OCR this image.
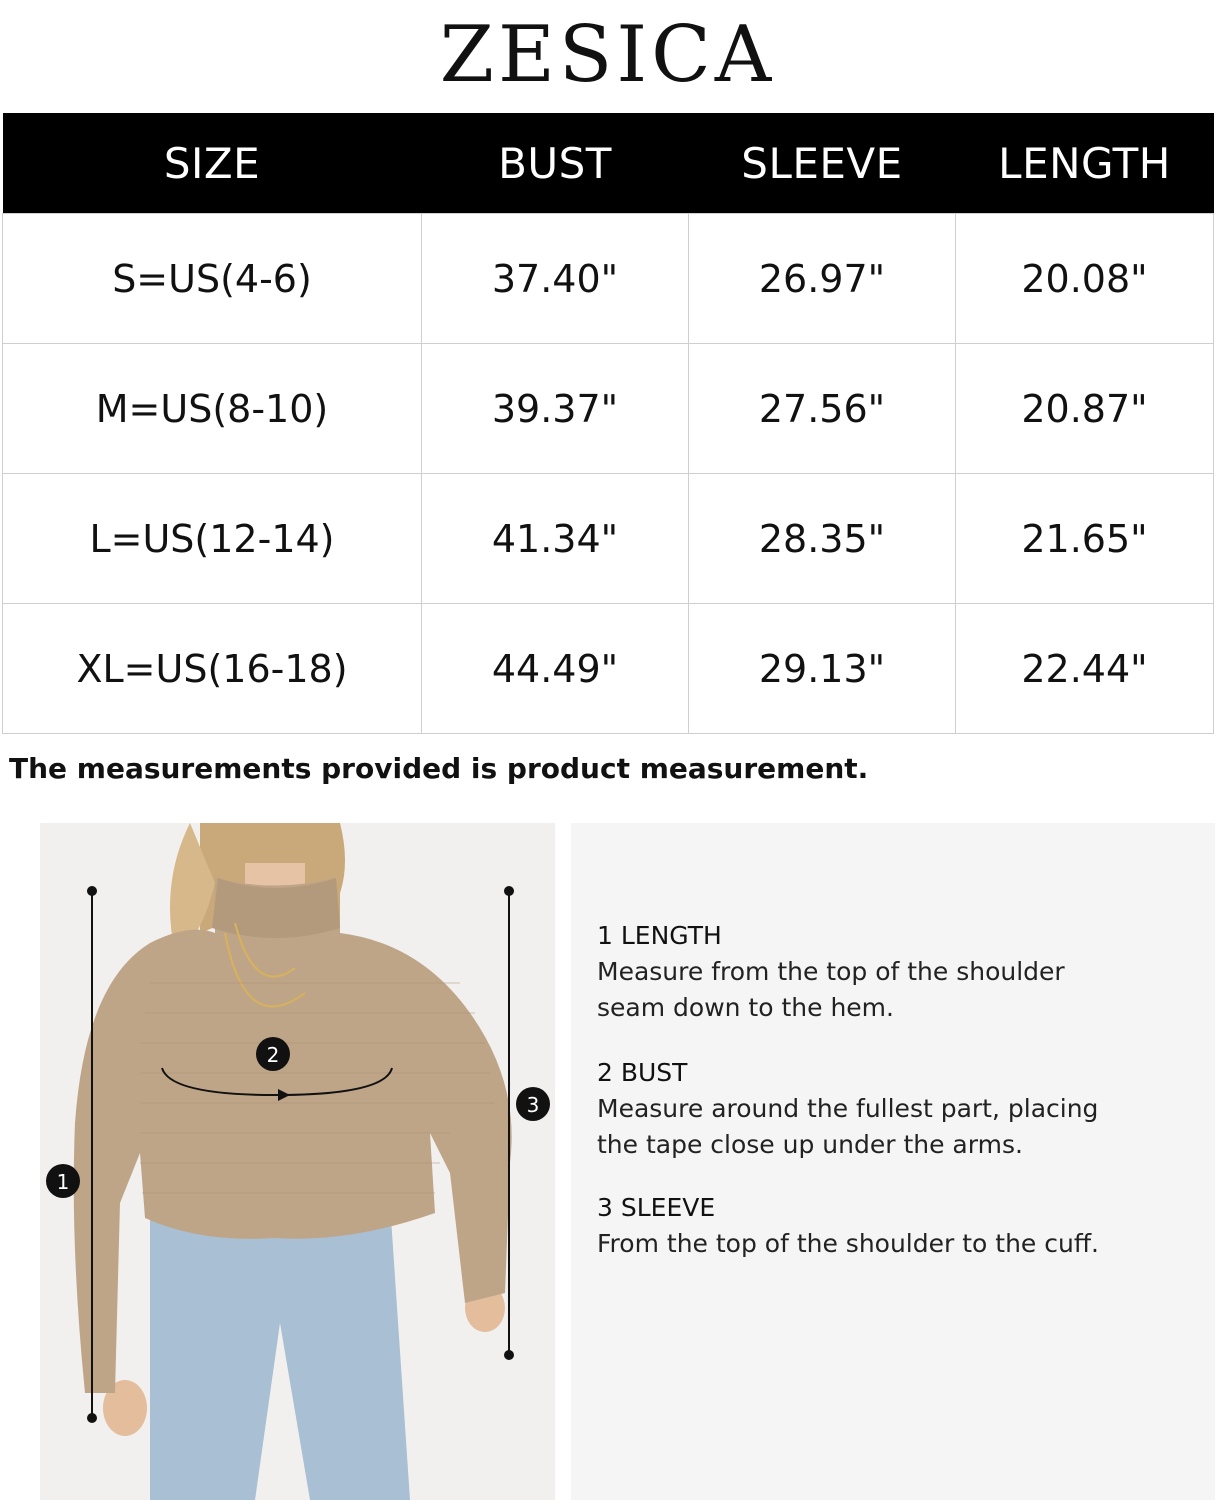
ZESICA
SIZE	BUST	SLEEVE	LENGTH
S=US(4-6)	37.40"	26.97"	20.08"
M=US(8-10)	39.37"	27.56"	20.87"
L=US(12-14)	41.34"	28.35"	21.65"
XL=US(16-18)	44.49"	29.13"	22.44"
The measurements provided is product measurement.
1
2
3
1 LENGTH
Measure from the top of the shoulder
seam down to the hem.
2 BUST
Measure around the fullest part, placing
the tape close up under the arms.
3 SLEEVE
From the top of the shoulder to the cuff.
